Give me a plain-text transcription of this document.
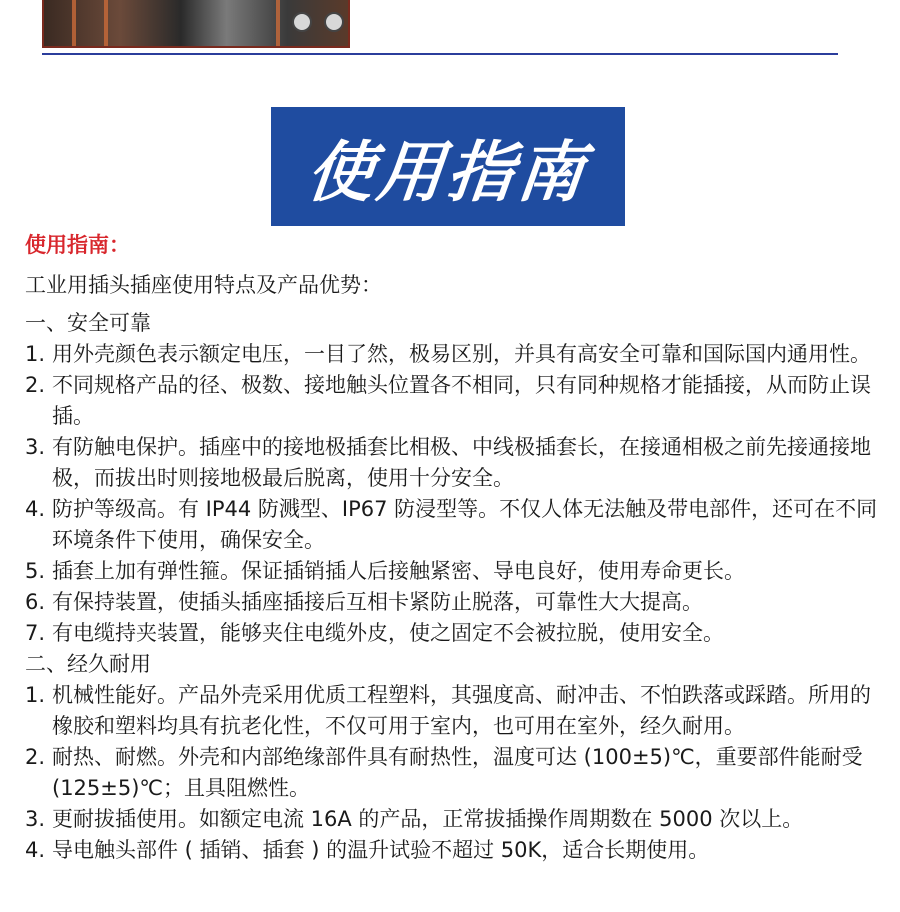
使用指南

使用指南：

工业用插头插座使用特点及产品优势：

一、安全可靠

1. 用外壳颜色表示额定电压，一目了然，极易区别，并具有高安全可靠和国际国内通用性。
2. 不同规格产品的径、极数、接地触头位置各不相同，只有同种规格才能插接，从而防止误插。
3. 有防触电保护。插座中的接地极插套比相极、中线极插套长，在接通相极之前先接通接地极，而拔出时则接地极最后脱离，使用十分安全。
4. 防护等级高。有 IP44 防溅型、IP67 防浸型等。不仅人体无法触及带电部件，还可在不同环境条件下使用，确保安全。
5. 插套上加有弹性箍。保证插销插人后接触紧密、导电良好，使用寿命更长。
6. 有保持装置，使插头插座插接后互相卡紧防止脱落，可靠性大大提高。
7. 有电缆持夹装置，能够夹住电缆外皮，使之固定不会被拉脱，使用安全。

二、经久耐用

1. 机械性能好。产品外壳采用优质工程塑料，其强度高、耐冲击、不怕跌落或踩踏。所用的橡胶和塑料均具有抗老化性，不仅可用于室内，也可用在室外，经久耐用。
2. 耐热、耐燃。外壳和内部绝缘部件具有耐热性，温度可达 (100±5)℃，重要部件能耐受 (125±5)℃；且具阻燃性。
3. 更耐拔插使用。如额定电流 16A 的产品，正常拔插操作周期数在 5000 次以上。
4. 导电触头部件 ( 插销、插套 ) 的温升试验不超过 50K，适合长期使用。
